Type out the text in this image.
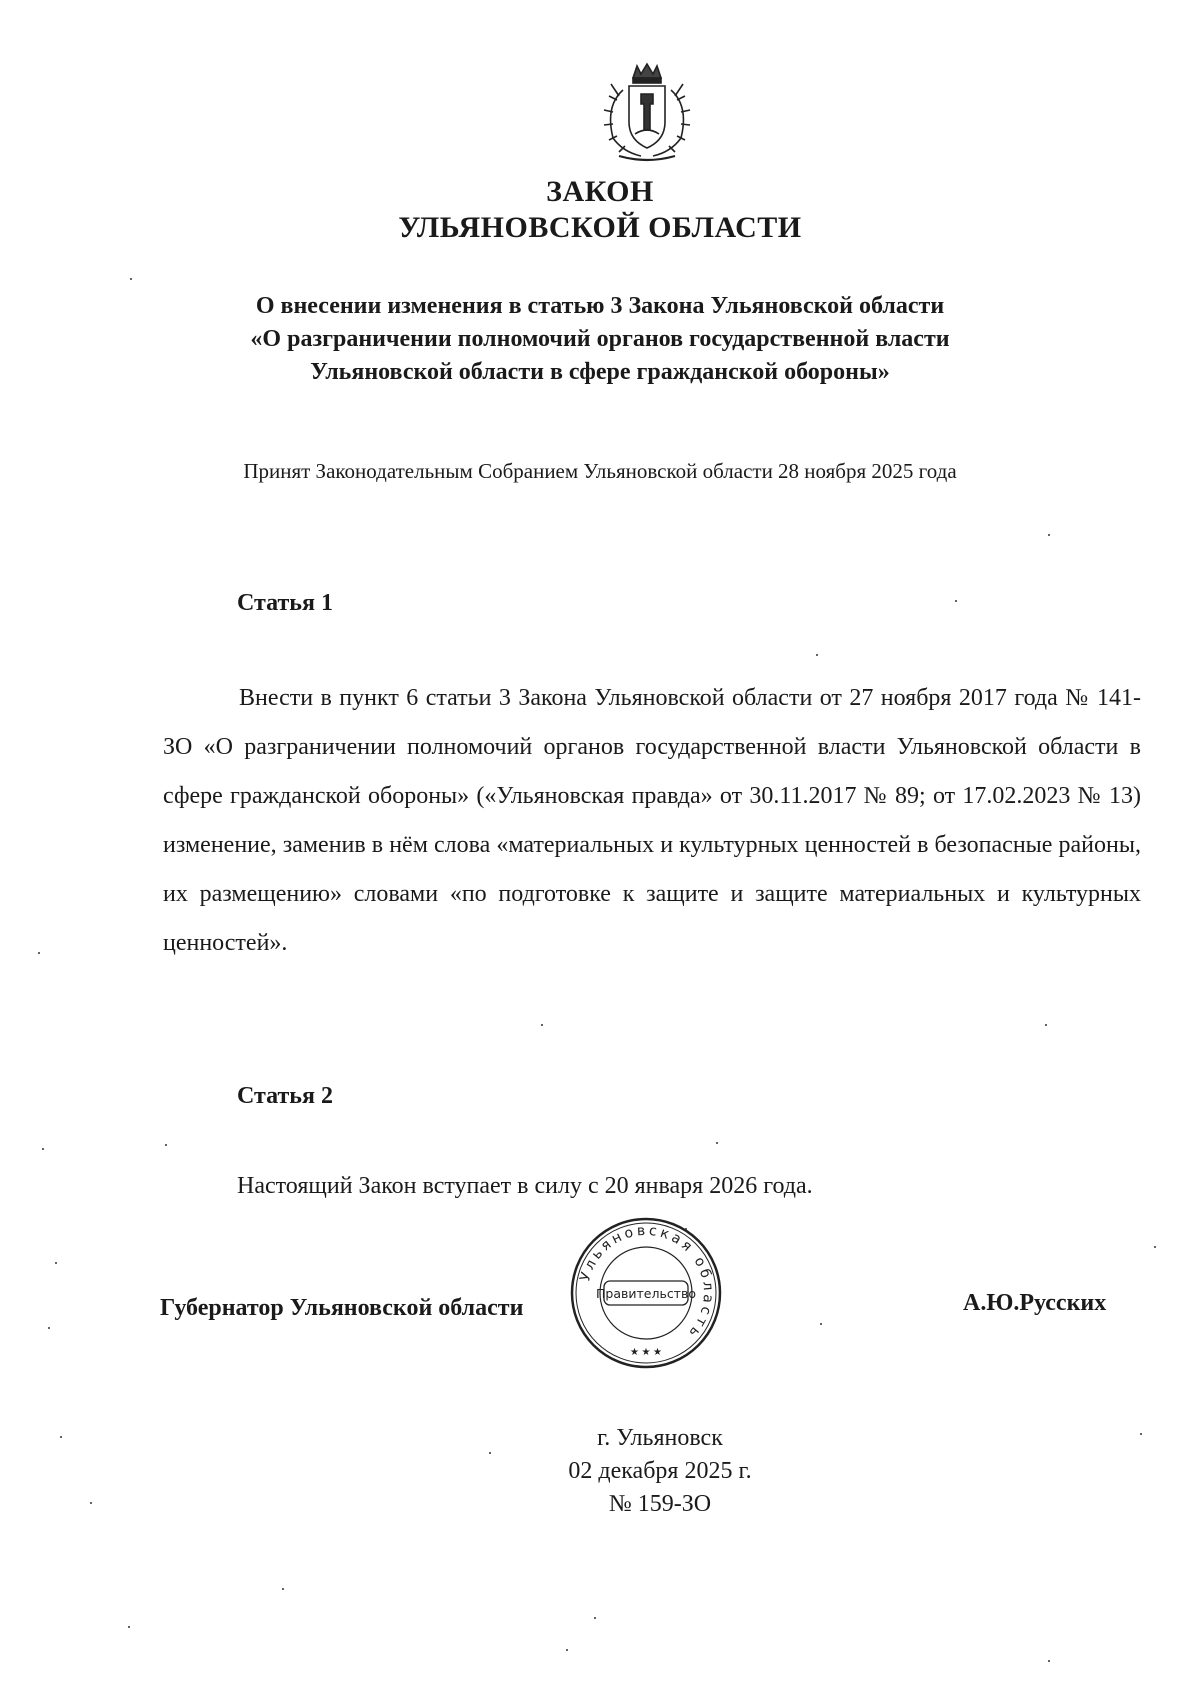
ЗАКОН
УЛЬЯНОВСКОЙ ОБЛАСТИ
О внесении изменения в статью 3 Закона Ульяновской области
«О разграничении полномочий органов государственной власти
Ульяновской области в сфере гражданской обороны»
Принят Законодательным Собранием Ульяновской области 28 ноября 2025 года
Статья 1

Внести в пункт 6 статьи 3 Закона Ульяновской области от 27 ноября 2017 года № 141-ЗО «О разграничении полномочий органов государственной власти Ульяновской области в сфере гражданской обороны» («Ульяновская правда» от 30.11.2017 № 89; от 17.02.2023 № 13) изменение, заменив в нём слова «материальных и культурных ценностей в безопасные районы, их размещению» словами «по подготовке к защите и защите материальных и культурных ценностей».

Статья 2
Настоящий Закон вступает в силу с 20 января 2026 года.
Губернатор Ульяновской области
Ульяновская область
Правительство
★ ★ ★
А.Ю.Русских
г. Ульяновск
02 декабря 2025 г.
№ 159-ЗО
